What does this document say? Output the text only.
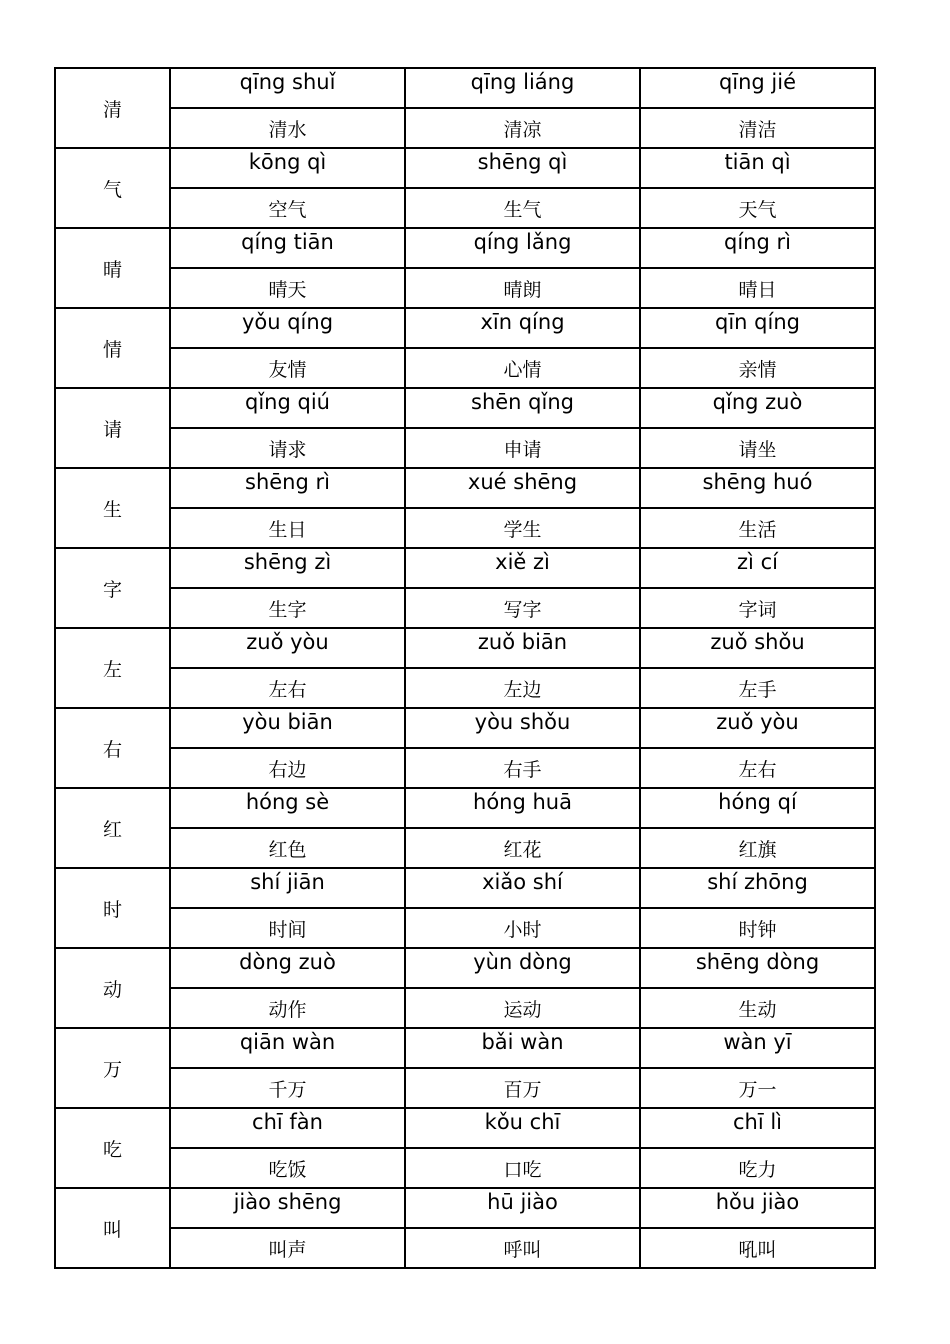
清	qīng shuǐ	qīng liáng	qīng jié
	清水	清凉	清洁
气	kōng qì	shēng qì	tiān qì
	空气	生气	天气
晴	qíng tiān	qíng lǎng	qíng rì
	晴天	晴朗	晴日
情	yǒu qíng	xīn qíng	qīn qíng
	友情	心情	亲情
请	qǐng qiú	shēn qǐng	qǐng zuò
	请求	申请	请坐
生	shēng rì	xué shēng	shēng huó
	生日	学生	生活
字	shēng zì	xiě zì	zì cí
	生字	写字	字词
左	zuǒ yòu	zuǒ biān	zuǒ shǒu
	左右	左边	左手
右	yòu biān	yòu shǒu	zuǒ yòu
	右边	右手	左右
红	hóng sè	hóng huā	hóng qí
	红色	红花	红旗
时	shí jiān	xiǎo shí	shí zhōng
	时间	小时	时钟
动	dòng zuò	yùn dòng	shēng dòng
	动作	运动	生动
万	qiān wàn	bǎi wàn	wàn yī
	千万	百万	万一
吃	chī fàn	kǒu chī	chī lì
	吃饭	口吃	吃力
叫	jiào shēng	hū jiào	hǒu jiào
	叫声	呼叫	吼叫
